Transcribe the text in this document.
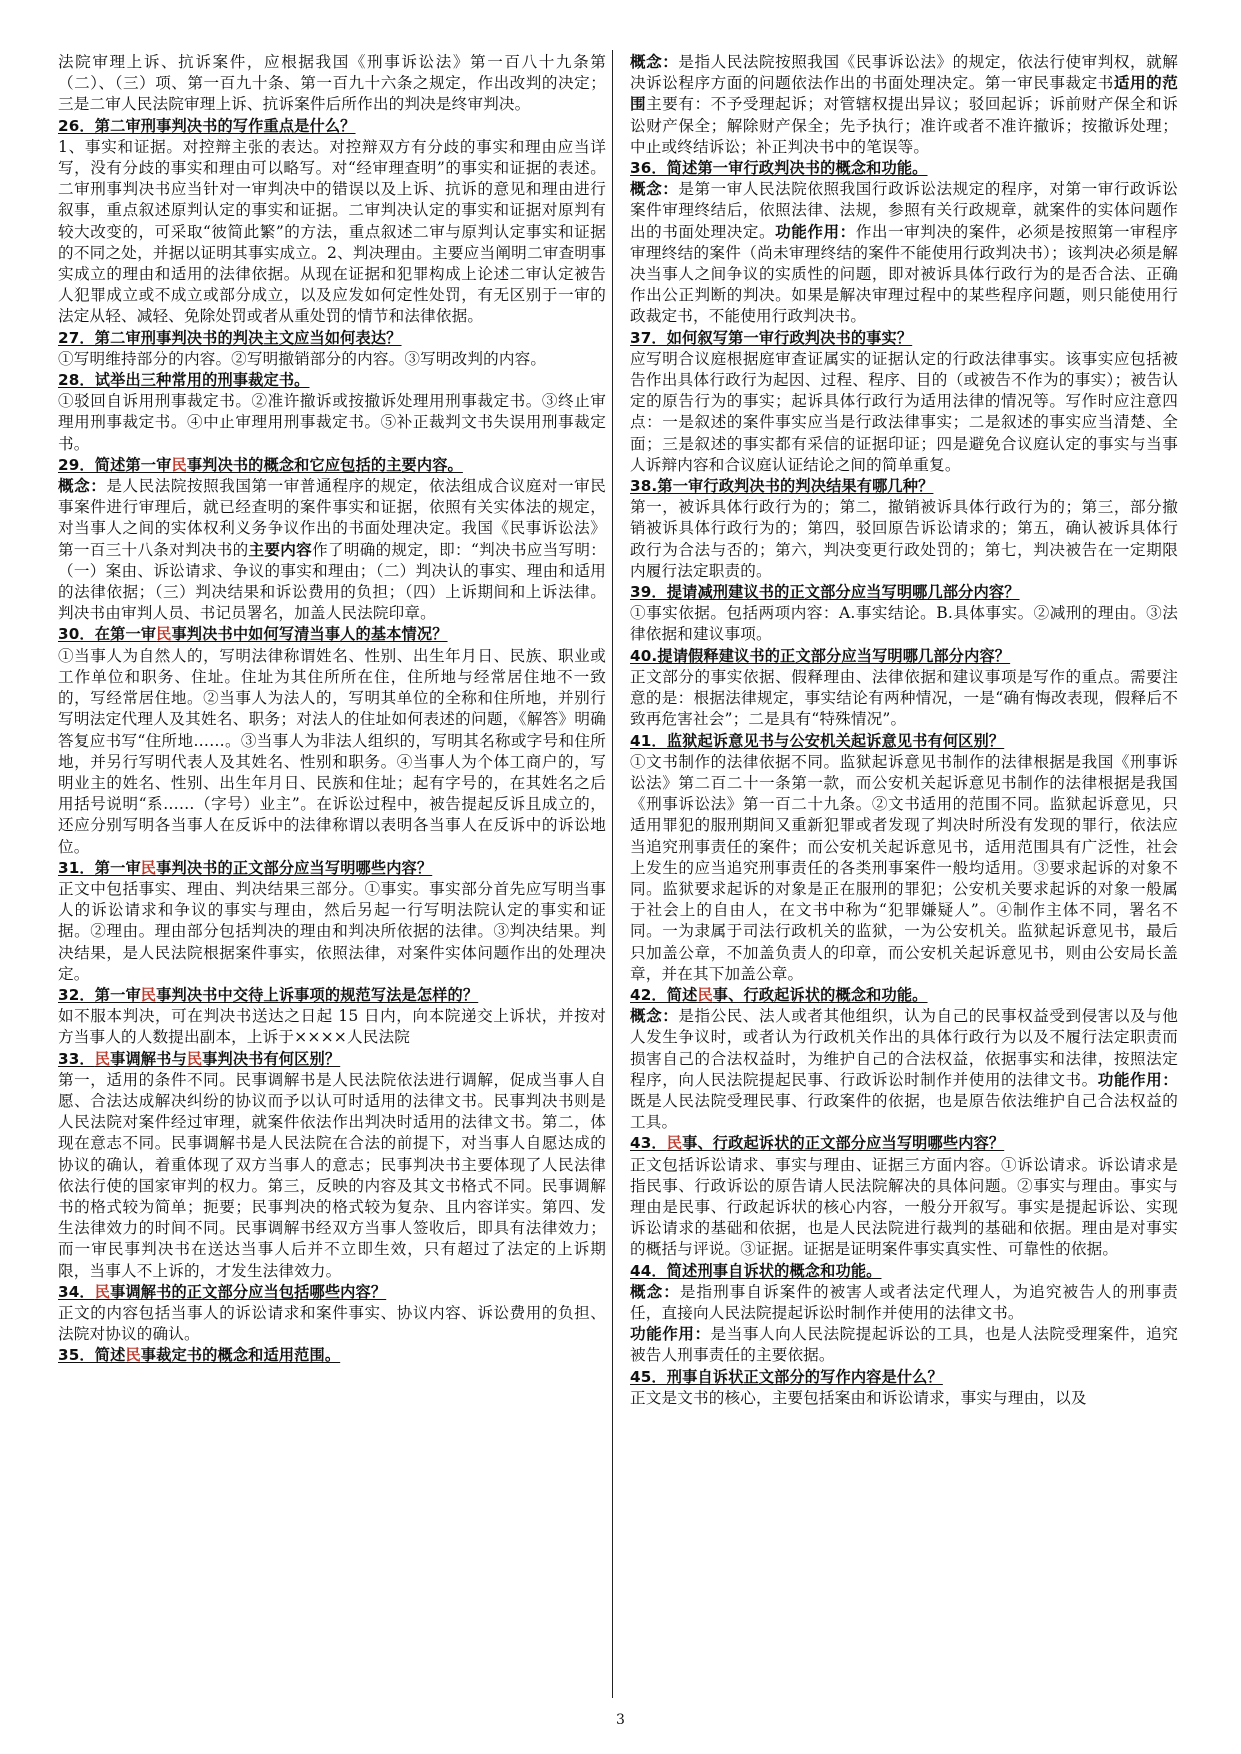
法院审理上诉、抗诉案件，应根据我国《刑事诉讼法》第一百八十九条第（二）、（三）项、第一百九十条、第一百九十六条之规定，作出改判的决定；三是二审人民法院审理上诉、抗诉案件后所作出的判决是终审判决。

26．第二审刑事判决书的写作重点是什么？

1、事实和证据。对控辩主张的表达。对控辩双方有分歧的事实和理由应当详写，没有分歧的事实和理由可以略写。对“经审理查明”的事实和证据的表述。二审刑事判决书应当针对一审判决中的错误以及上诉、抗诉的意见和理由进行叙事，重点叙述原判认定的事实和证据。二审判决认定的事实和证据对原判有较大改变的，可采取“彼简此繁”的方法，重点叙述二审与原判认定事实和证据的不同之处，并据以证明其事实成立。2、判决理由。主要应当阐明二审查明事实成立的理由和适用的法律依据。从现在证据和犯罪构成上论述二审认定被告人犯罪成立或不成立或部分成立，以及应发如何定性处罚，有无区别于一审的法定从轻、减轻、免除处罚或者从重处罚的情节和法律依据。

27．第二审刑事判决书的判决主文应当如何表达？

①写明维持部分的内容。②写明撤销部分的内容。③写明改判的内容。

28．试举出三种常用的刑事裁定书。

①驳回自诉用刑事裁定书。②准许撤诉或按撤诉处理用刑事裁定书。③终止审理用刑事裁定书。④中止审理用刑事裁定书。⑤补正裁判文书失误用刑事裁定书。

29．简述第一审民事判决书的概念和它应包括的主要内容。

概念：是人民法院按照我国第一审普通程序的规定，依法组成合议庭对一审民事案件进行审理后，就已经查明的案件事实和证据，依照有关实体法的规定，对当事人之间的实体权利义务争议作出的书面处理决定。我国《民事诉讼法》第一百三十八条对判决书的主要内容作了明确的规定，即：“判决书应当写明：（一）案由、诉讼请求、争议的事实和理由；（二）判决认的事实、理由和适用的法律依据；（三）判决结果和诉讼费用的负担；（四）上诉期间和上诉法律。判决书由审判人员、书记员署名，加盖人民法院印章。

30．在第一审民事判决书中如何写清当事人的基本情况？

①当事人为自然人的，写明法律称谓姓名、性别、出生年月日、民族、职业或工作单位和职务、住址。住址为其住所所在住，住所地与经常居住地不一致的，写经常居住地。②当事人为法人的，写明其单位的全称和住所地，并别行写明法定代理人及其姓名、职务；对法人的住址如何表述的问题，《解答》明确答复应书写“住所地……。③当事人为非法人组织的，写明其名称或字号和住所地，并另行写明代表人及其姓名、性别和职务。④当事人为个体工商户的，写明业主的姓名、性别、出生年月日、民族和住址；起有字号的，在其姓名之后用括号说明“系……（字号）业主”。在诉讼过程中，被告提起反诉且成立的，还应分别写明各当事人在反诉中的法律称谓以表明各当事人在反诉中的诉讼地位。

31．第一审民事判决书的正文部分应当写明哪些内容？

正文中包括事实、理由、判决结果三部分。①事实。事实部分首先应写明当事人的诉讼请求和争议的事实与理由，然后另起一行写明法院认定的事实和证据。②理由。理由部分包括判决的理由和判决所依据的法律。③判决结果。判决结果，是人民法院根据案件事实，依照法律，对案件实体问题作出的处理决定。

32．第一审民事判决书中交待上诉事项的规范写法是怎样的？

如不服本判决，可在判决书送达之日起 15 日内，向本院递交上诉状，并按对方当事人的人数提出副本，上诉于××××人民法院

33．民事调解书与民事判决书有何区别？

第一，适用的条件不同。民事调解书是人民法院依法进行调解，促成当事人自愿、合法达成解决纠纷的协议而予以认可时适用的法律文书。民事判决书则是人民法院对案件经过审理，就案件依法作出判决时适用的法律文书。第二，体现在意志不同。民事调解书是人民法院在合法的前提下，对当事人自愿达成的协议的确认，着重体现了双方当事人的意志；民事判决书主要体现了人民法律依法行使的国家审判的权力。第三，反映的内容及其文书格式不同。民事调解书的格式较为简单；扼要；民事判决的格式较为复杂、且内容详实。第四、发生法律效力的时间不同。民事调解书经双方当事人签收后，即具有法律效力；而一审民事判决书在送达当事人后并不立即生效，只有超过了法定的上诉期限，当事人不上诉的，才发生法律效力。

34．民事调解书的正文部分应当包括哪些内容？

正文的内容包括当事人的诉讼请求和案件事实、协议内容、诉讼费用的负担、法院对协议的确认。

35．简述民事裁定书的概念和适用范围。

概念：是指人民法院按照我国《民事诉讼法》的规定，依法行使审判权，就解决诉讼程序方面的问题依法作出的书面处理决定。第一审民事裁定书适用的范围主要有：不予受理起诉；对管辖权提出异议；驳回起诉；诉前财产保全和诉讼财产保全；解除财产保全；先予执行；准许或者不准许撤诉；按撤诉处理；中止或终结诉讼；补正判决书中的笔误等。

36．简述第一审行政判决书的概念和功能。

概念：是第一审人民法院依照我国行政诉讼法规定的程序，对第一审行政诉讼案件审理终结后，依照法律、法规，参照有关行政规章，就案件的实体问题作出的书面处理决定。功能作用：作出一审判决的案件，必须是按照第一审程序审理终结的案件（尚未审理终结的案件不能使用行政判决书）；该判决必须是解决当事人之间争议的实质性的问题，即对被诉具体行政行为的是否合法、正确作出公正判断的判决。如果是解决审理过程中的某些程序问题，则只能使用行政裁定书，不能使用行政判决书。

37．如何叙写第一审行政判决书的事实？

应写明合议庭根据庭审查证属实的证据认定的行政法律事实。该事实应包括被告作出具体行政行为起因、过程、程序、目的（或被告不作为的事实）；被告认定的原告行为的事实；起诉具体行政行为适用法律的情况等。写作时应注意四点：一是叙述的案件事实应当是行政法律事实；二是叙述的事实应当清楚、全面；三是叙述的事实都有采信的证据印证；四是避免合议庭认定的事实与当事人诉辩内容和合议庭认证结论之间的简单重复。

38.第一审行政判决书的判决结果有哪几种？

第一，被诉具体行政行为的；第二，撤销被诉具体行政行为的；第三，部分撤销被诉具体行政行为的；第四，驳回原告诉讼请求的；第五，确认被诉具体行政行为合法与否的；第六，判决变更行政处罚的；第七，判决被告在一定期限内履行法定职责的。

39．提请减刑建议书的正文部分应当写明哪几部分内容？

①事实依据。包括两项内容：A.事实结论。B.具体事实。②减刑的理由。③法律依据和建议事项。

40.提请假释建议书的正文部分应当写明哪几部分内容？

正文部分的事实依据、假释理由、法律依据和建议事项是写作的重点。需要注意的是：根据法律规定，事实结论有两种情况，一是“确有悔改表现，假释后不致再危害社会”；二是具有“特殊情况”。

41．监狱起诉意见书与公安机关起诉意见书有何区别？

①文书制作的法律依据不同。监狱起诉意见书制作的法律根据是我国《刑事诉讼法》第二百二十一条第一款，而公安机关起诉意见书制作的法律根据是我国《刑事诉讼法》第一百二十九条。②文书适用的范围不同。监狱起诉意见，只适用罪犯的服刑期间又重新犯罪或者发现了判决时所没有发现的罪行，依法应当追究刑事责任的案件；而公安机关起诉意见书，适用范围具有广泛性，社会上发生的应当追究刑事责任的各类刑事案件一般均适用。③要求起诉的对象不同。监狱要求起诉的对象是正在服刑的罪犯；公安机关要求起诉的对象一般属于社会上的自由人，在文书中称为“犯罪嫌疑人”。④制作主体不同，署名不同。一为隶属于司法行政机关的监狱，一为公安机关。监狱起诉意见书，最后只加盖公章，不加盖负责人的印章，而公安机关起诉意见书，则由公安局长盖章，并在其下加盖公章。

42．简述民事、行政起诉状的概念和功能。

概念：是指公民、法人或者其他组织，认为自己的民事权益受到侵害以及与他人发生争议时，或者认为行政机关作出的具体行政行为以及不履行法定职责而损害自己的合法权益时，为维护自己的合法权益，依据事实和法律，按照法定程序，向人民法院提起民事、行政诉讼时制作并使用的法律文书。功能作用：既是人民法院受理民事、行政案件的依据，也是原告依法维护自己合法权益的工具。

43．民事、行政起诉状的正文部分应当写明哪些内容？

正文包括诉讼请求、事实与理由、证据三方面内容。①诉讼请求。诉讼请求是指民事、行政诉讼的原告请人民法院解决的具体问题。②事实与理由。事实与理由是民事、行政起诉状的核心内容，一般分开叙写。事实是提起诉讼、实现诉讼请求的基础和依据，也是人民法院进行裁判的基础和依据。理由是对事实的概括与评说。③证据。证据是证明案件事实真实性、可靠性的依据。

44．简述刑事自诉状的概念和功能。

概念：是指刑事自诉案件的被害人或者法定代理人，为追究被告人的刑事责任，直接向人民法院提起诉讼时制作并使用的法律文书。
功能作用：是当事人向人民法院提起诉讼的工具，也是人法院受理案件，追究被告人刑事责任的主要依据。

45．刑事自诉状正文部分的写作内容是什么？

正文是文书的核心，主要包括案由和诉讼请求，事实与理由，以及

3
